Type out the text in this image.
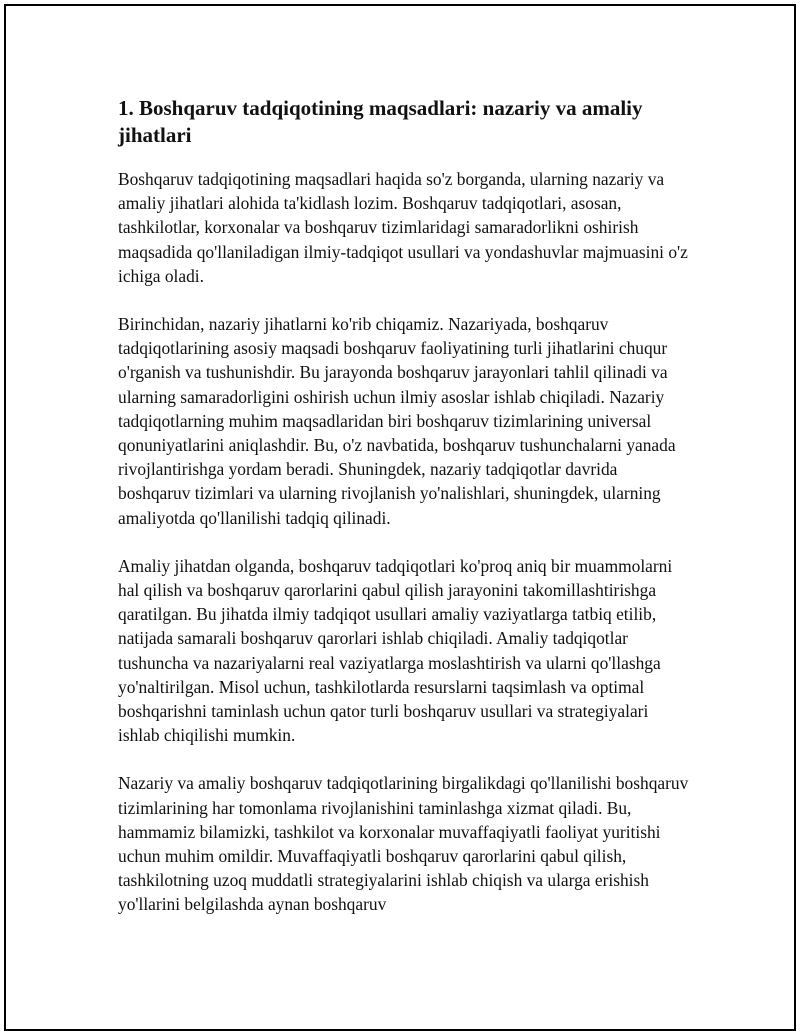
1. Boshqaruv tadqiqotining maqsadlari: nazariy va amaliy jihatlari

Boshqaruv tadqiqotining maqsadlari haqida so'z borganda, ularning nazariy va amaliy jihatlari alohida ta'kidlash lozim. Boshqaruv tadqiqotlari, asosan, tashkilotlar, korxonalar va boshqaruv tizimlaridagi samaradorlikni oshirish maqsadida qo'llaniladigan ilmiy-tadqiqot usullari va yondashuvlar majmuasini o'z ichiga oladi.

Birinchidan, nazariy jihatlarni ko'rib chiqamiz. Nazariyada, boshqaruv tadqiqotlarining asosiy maqsadi boshqaruv faoliyatining turli jihatlarini chuqur o'rganish va tushunishdir. Bu jarayonda boshqaruv jarayonlari tahlil qilinadi va ularning samaradorligini oshirish uchun ilmiy asoslar ishlab chiqiladi. Nazariy tadqiqotlarning muhim maqsadlaridan biri boshqaruv tizimlarining universal qonuniyatlarini aniqlashdir. Bu, o'z navbatida, boshqaruv tushunchalarni yanada rivojlantirishga yordam beradi. Shuningdek, nazariy tadqiqotlar davrida boshqaruv tizimlari va ularning rivojlanish yo'nalishlari, shuningdek, ularning amaliyotda qo'llanilishi tadqiq qilinadi.

Amaliy jihatdan olganda, boshqaruv tadqiqotlari ko'proq aniq bir muammolarni hal qilish va boshqaruv qarorlarini qabul qilish jarayonini takomillashtirishga qaratilgan. Bu jihatda ilmiy tadqiqot usullari amaliy vaziyatlarga tatbiq etilib, natijada samarali boshqaruv qarorlari ishlab chiqiladi. Amaliy tadqiqotlar tushuncha va nazariyalarni real vaziyatlarga moslashtirish va ularni qo'llashga yo'naltirilgan. Misol uchun, tashkilotlarda resurslarni taqsimlash va optimal boshqarishni taminlash uchun qator turli boshqaruv usullari va strategiyalari ishlab chiqilishi mumkin.

Nazariy va amaliy boshqaruv tadqiqotlarining birgalikdagi qo'llanilishi boshqaruv tizimlarining har tomonlama rivojlanishini taminlashga xizmat qiladi. Bu, hammamiz bilamizki, tashkilot va korxonalar muvaffaqiyatli faoliyat yuritishi uchun muhim omildir. Muvaffaqiyatli boshqaruv qarorlarini qabul qilish, tashkilotning uzoq muddatli strategiyalarini ishlab chiqish va ularga erishish yo'llarini belgilashda aynan boshqaruv
